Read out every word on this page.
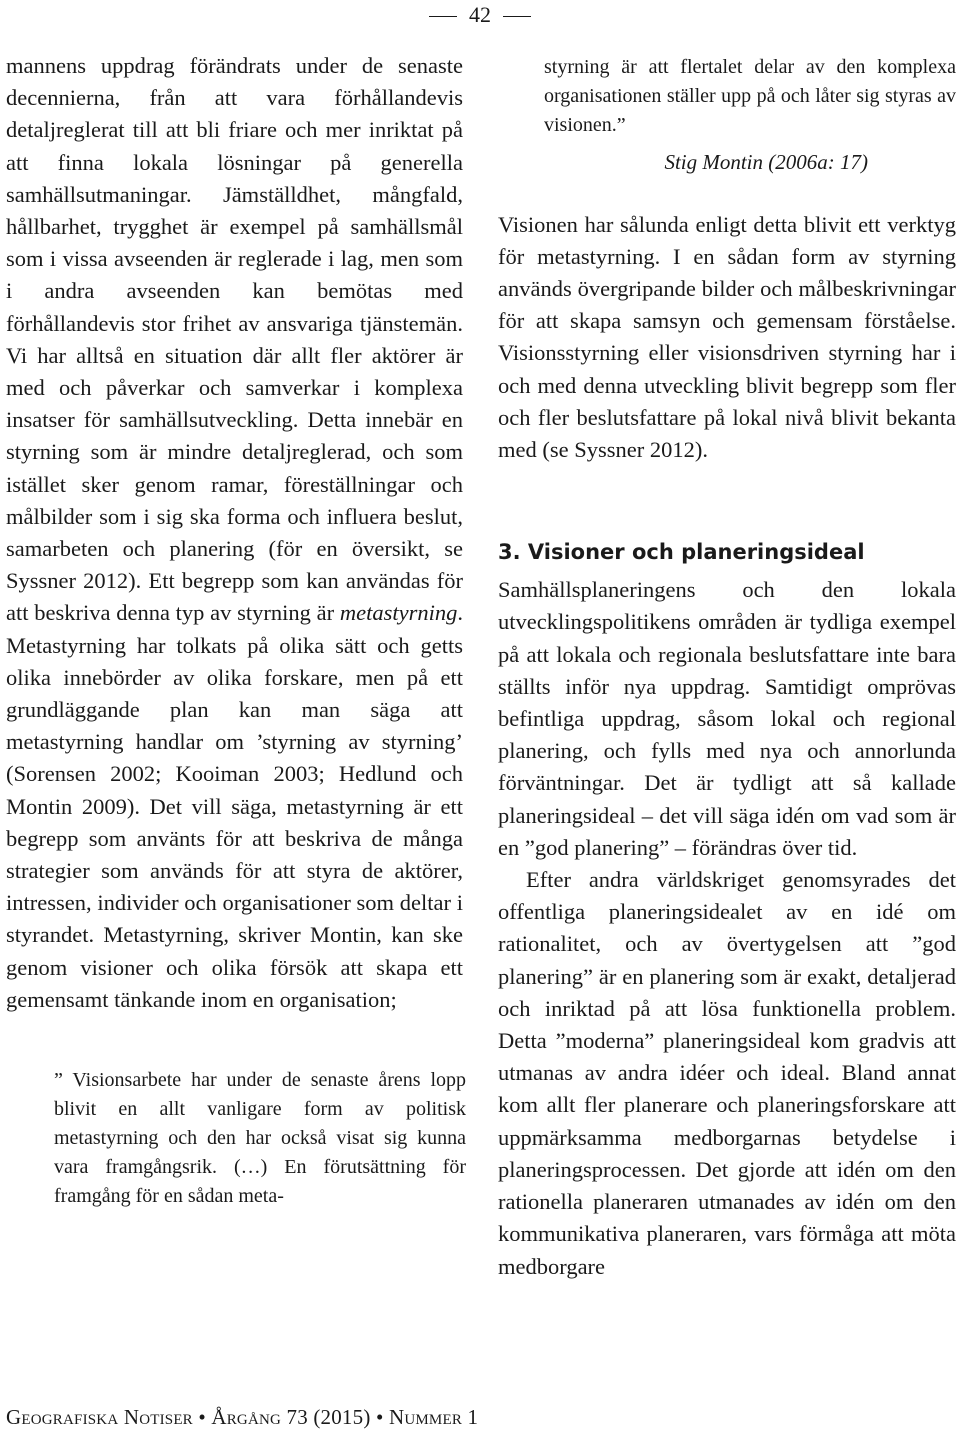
42

mannens uppdrag förändrats under de senaste decennierna, från att vara förhållandevis detaljreglerat till att bli friare och mer inriktat på att finna lokala lösningar på generella samhällsutmaningar. Jämställdhet, mångfald, hållbarhet, trygghet är exempel på samhällsmål som i vissa avseenden är reglerade i lag, men som i andra avseenden kan bemötas med förhållandevis stor frihet av ansvariga tjänstemän. Vi har alltså en situation där allt fler aktörer är med och påverkar och samverkar i komplexa insatser för samhällsutveckling. Detta innebär en styrning som är mindre detaljreglerad, och som istället sker genom ramar, föreställningar och målbilder som i sig ska forma och influera beslut, samarbeten och planering (för en översikt, se Syssner 2012). Ett begrepp som kan användas för att beskriva denna typ av styrning är metastyrning. Metastyrning har tolkats på olika sätt och getts olika innebörder av olika forskare, men på ett grundläggande plan kan man säga att metastyrning handlar om ’styrning av styrning’ (Sorensen 2002; Kooiman 2003; Hedlund och Montin 2009). Det vill säga, metastyrning är ett begrepp som använts för att beskriva de många strategier som används för att styra de aktörer, intressen, individer och organisationer som deltar i styrandet. Metastyrning, skriver Montin, kan ske genom visioner och olika försök att skapa ett gemensamt tänkande inom en organisation;

” Visionsarbete har under de senaste årens lopp blivit en allt vanligare form av politisk metastyrning och den har också visat sig kunna vara framgångsrik. (…) En förutsättning för framgång för en sådan meta-
styrning är att flertalet delar av den komplexa organisationen ställer upp på och låter sig styras av visionen.”
Stig Montin (2006a: 17)

Visionen har sålunda enligt detta blivit ett verktyg för metastyrning. I en sådan form av styrning används övergripande bilder och målbeskrivningar för att skapa samsyn och gemensam förståelse. Visionsstyrning eller visionsdriven styrning har i och med denna utveckling blivit begrepp som fler och fler beslutsfattare på lokal nivå blivit bekanta med (se Syssner 2012).

3. Visioner och planeringsideal

Samhällsplaneringens och den lokala utvecklingspolitikens områden är tydliga exempel på att lokala och regionala beslutsfattare inte bara ställts inför nya uppdrag. Samtidigt omprövas befintliga uppdrag, såsom lokal och regional planering, och fylls med nya och annorlunda förväntningar. Det är tydligt att så kallade planeringsideal – det vill säga idén om vad som är en ”god planering” – förändras över tid.

Efter andra världskriget genomsyrades det offentliga planeringsidealet av en idé om rationalitet, och av övertygelsen att ”god planering” är en planering som är exakt, detaljerad och inriktad på att lösa funktionella problem. Detta ”moderna” planeringsideal kom gradvis att utmanas av andra idéer och ideal. Bland annat kom allt fler planerare och planeringsforskare att uppmärksamma medborgarnas betydelse i planeringsprocessen. Det gjorde att idén om den rationella planeraren utmanades av idén om den kommunikativa planeraren, vars förmåga att möta medborgare

Geografiska Notiser • Årgång 73 (2015) • Nummer 1
